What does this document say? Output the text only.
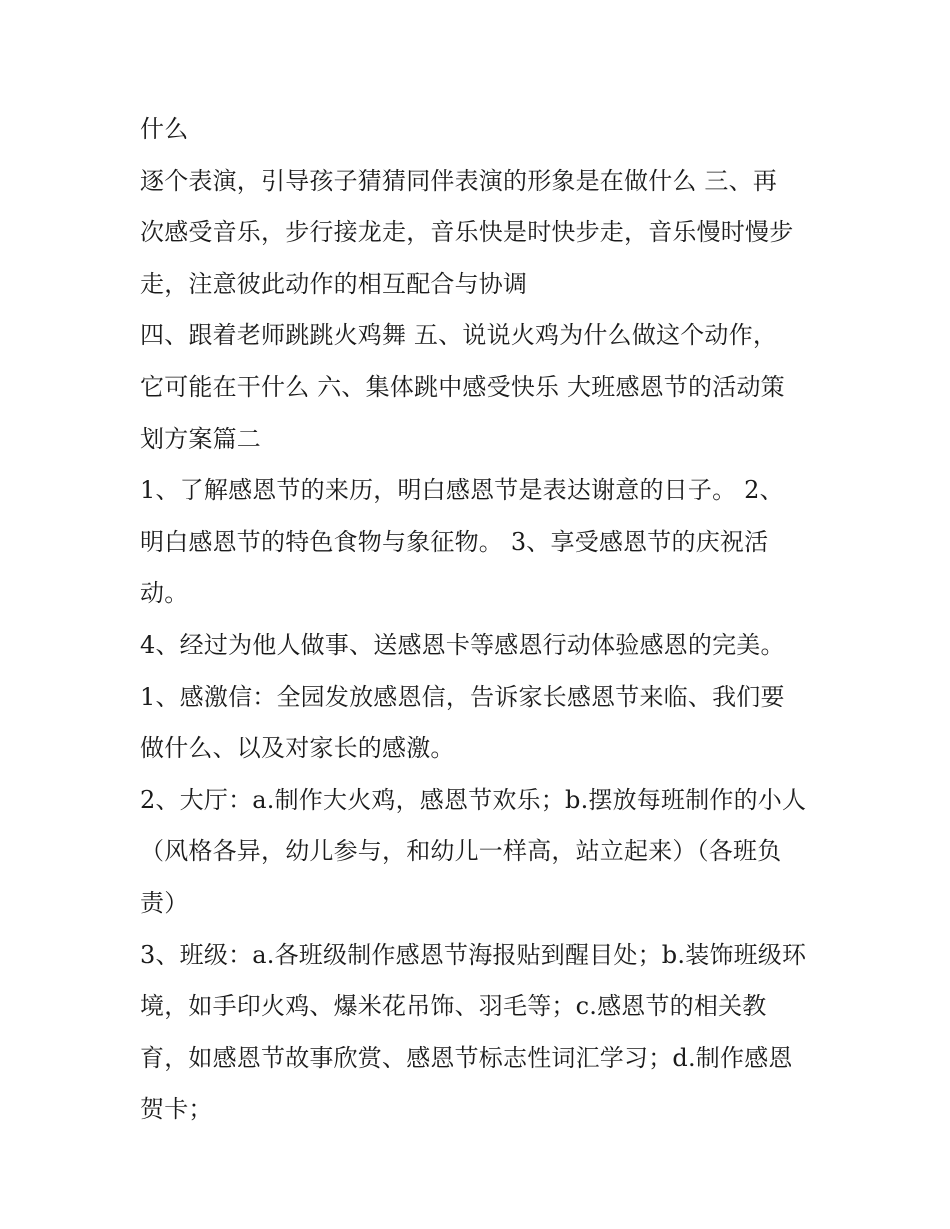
什么
逐个表演，引导孩子猜猜同伴表演的形象是在做什么 三、再
次感受音乐，步行接龙走，音乐快是时快步走，音乐慢时慢步
走，注意彼此动作的相互配合与协调
四、跟着老师跳跳火鸡舞 五、说说火鸡为什么做这个动作，
它可能在干什么 六、集体跳中感受快乐 大班感恩节的活动策
划方案篇二
1、了解感恩节的来历，明白感恩节是表达谢意的日子。 2、
明白感恩节的特色食物与象征物。 3、享受感恩节的庆祝活
动。
4、经过为他人做事、送感恩卡等感恩行动体验感恩的完美。
1、感激信：全园发放感恩信，告诉家长感恩节来临、我们要
做什么、以及对家长的感激。
2、大厅：a.制作大火鸡，感恩节欢乐；b.摆放每班制作的小人
（风格各异，幼儿参与，和幼儿一样高，站立起来）（各班负
责）
3、班级：a.各班级制作感恩节海报贴到醒目处；b.装饰班级环
境，如手印火鸡、爆米花吊饰、羽毛等；c.感恩节的相关教
育，如感恩节故事欣赏、感恩节标志性词汇学习；d.制作感恩
贺卡；
